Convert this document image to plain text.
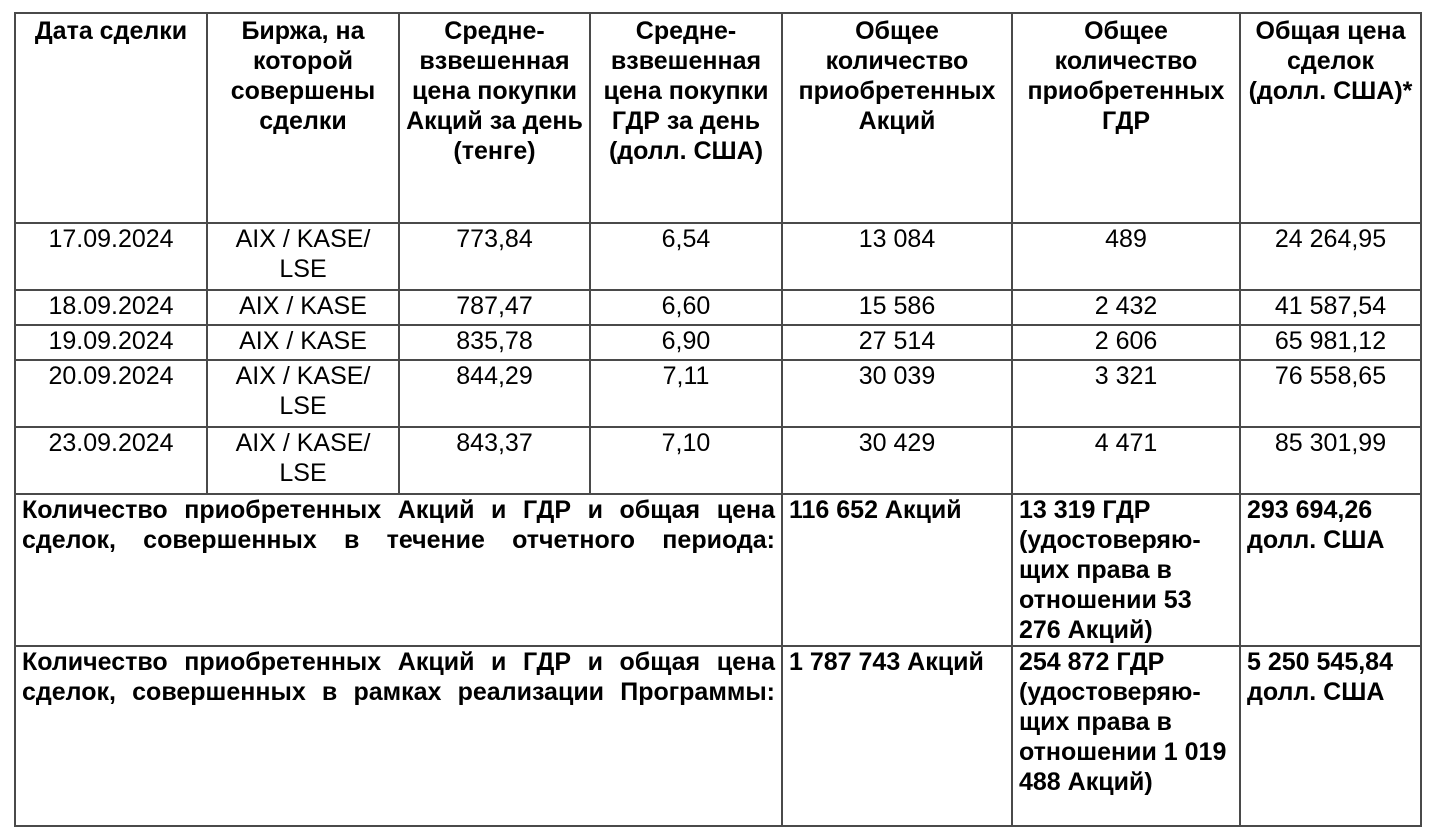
Дата сделки	Биржа, на которой совершены сделки	Средне-взвешенная цена покупки Акций за день (тенге)	Средне-взвешенная цена покупки ГДР за день (долл. США)	Общее количество приобретенных Акций	Общее количество приобретенных ГДР	Общая цена сделок (долл. США)*
17.09.2024	AIX / KASE/ LSE	773,84	6,54	13 084	489	24 264,95
18.09.2024	AIX / KASE	787,47	6,60	15 586	2 432	41 587,54
19.09.2024	AIX / KASE	835,78	6,90	27 514	2 606	65 981,12
20.09.2024	AIX / KASE/ LSE	844,29	7,11	30 039	3 321	76 558,65
23.09.2024	AIX / KASE/ LSE	843,37	7,10	30 429	4 471	85 301,99

Количество приобретенных Акций и ГДР и общая цена сделок, совершенных в течение отчетного периода:				116 652 Акций	13 319 ГДР (удостоверяю-щих права в отношении 53 276 Акций)	293 694,26 долл. США

Количество приобретенных Акций и ГДР и общая цена сделок, совершенных в рамках реализации Программы:				1 787 743 Акций	254 872 ГДР (удостоверяю-щих права в отношении 1 019 488 Акций)	5 250 545,84 долл. США
